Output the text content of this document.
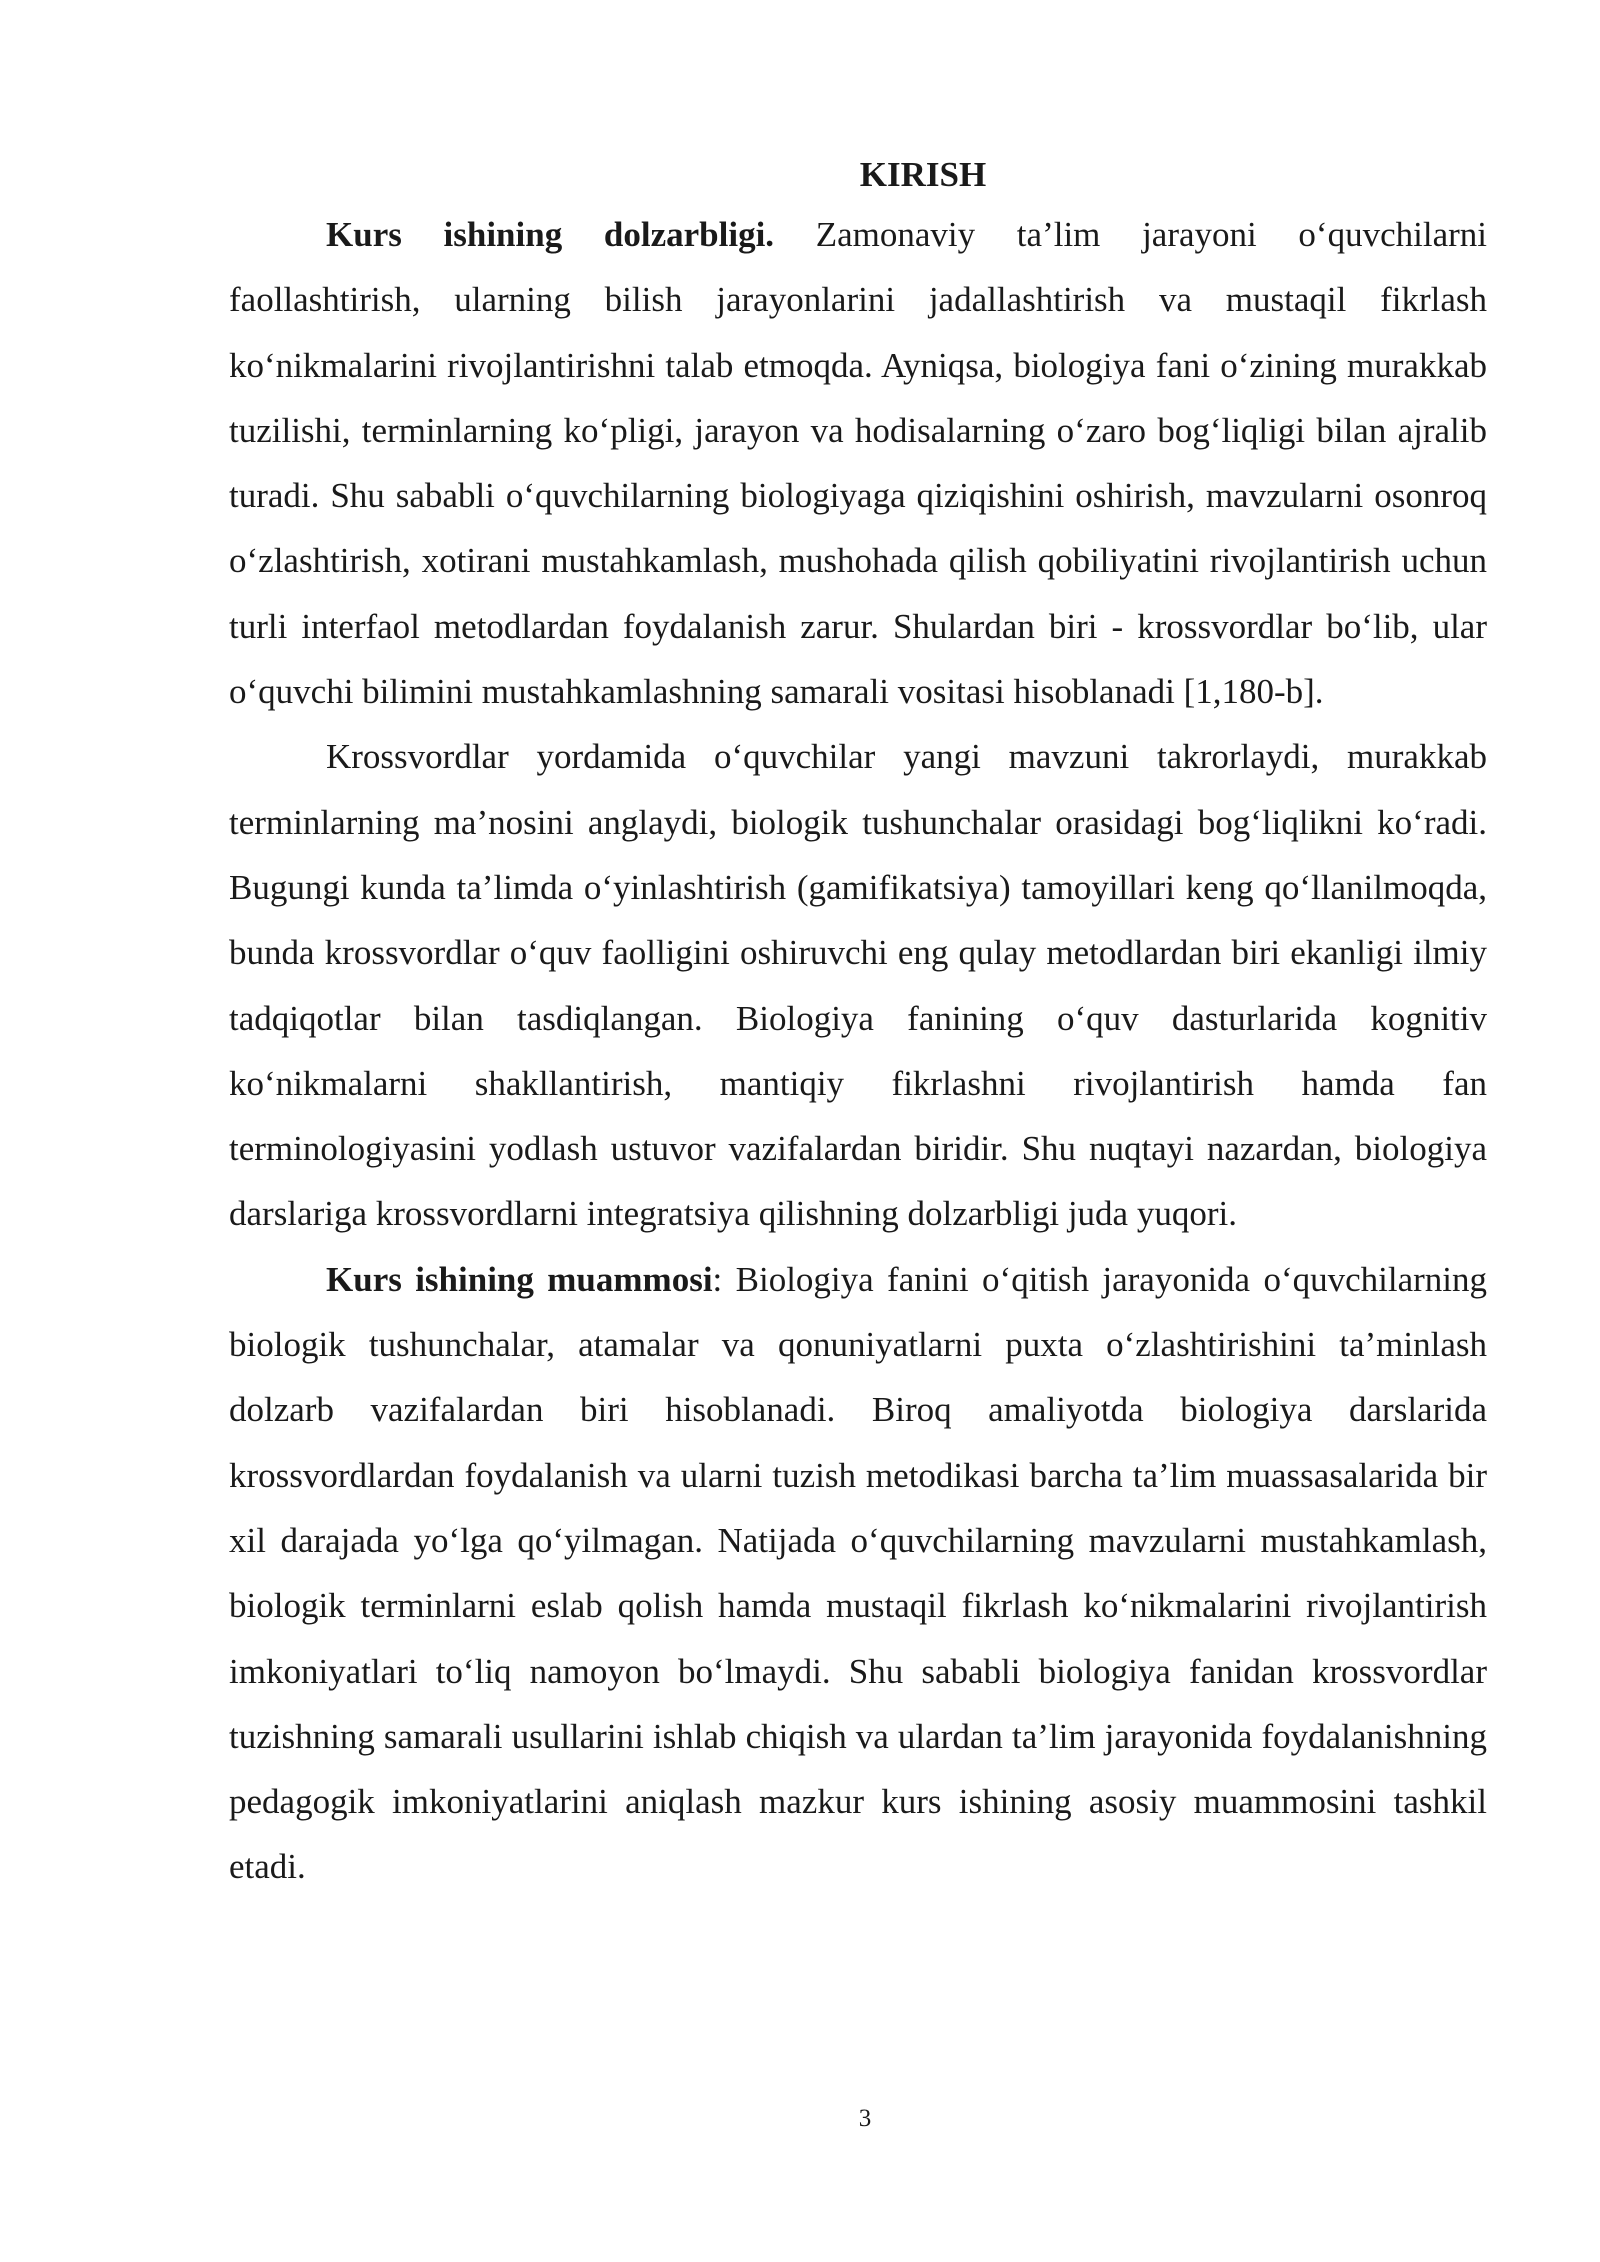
KIRISH

Kurs ishining dolzarbligi. Zamonaviy ta’lim jarayoni o‘quvchilarni faollashtirish, ularning bilish jarayonlarini jadallashtirish va mustaqil fikrlash ko‘nikmalarini rivojlantirishni talab etmoqda. Ayniqsa, biologiya fani o‘zining murakkab tuzilishi, terminlarning ko‘pligi, jarayon va hodisalarning o‘zaro bog‘liqligi bilan ajralib turadi. Shu sababli o‘quvchilarning biologiyaga qiziqishini oshirish, mavzularni osonroq o‘zlashtirish, xotirani mustahkamlash, mushohada qilish qobiliyatini rivojlantirish uchun turli interfaol metodlardan foydalanish zarur. Shulardan biri - krossvordlar bo‘lib, ular o‘quvchi bilimini mustahkamlashning samarali vositasi hisoblanadi [1,180-b].

Krossvordlar yordamida o‘quvchilar yangi mavzuni takrorlaydi, murakkab terminlarning ma’nosini anglaydi, biologik tushunchalar orasidagi bog‘liqlikni ko‘radi. Bugungi kunda ta’limda o‘yinlashtirish (gamifikatsiya) tamoyillari keng qo‘llanilmoqda, bunda krossvordlar o‘quv faolligini oshiruvchi eng qulay metodlardan biri ekanligi ilmiy tadqiqotlar bilan tasdiqlangan. Biologiya fanining o‘quv dasturlarida kognitiv ko‘nikmalarni shakllantirish, mantiqiy fikrlashni rivojlantirish hamda fan terminologiyasini yodlash ustuvor vazifalardan biridir. Shu nuqtayi nazardan, biologiya darslariga krossvordlarni integratsiya qilishning dolzarbligi juda yuqori.

Kurs ishining muammosi: Biologiya fanini o‘qitish jarayonida o‘quvchilarning biologik tushunchalar, atamalar va qonuniyatlarni puxta o‘zlashtirishini ta’minlash dolzarb vazifalardan biri hisoblanadi. Biroq amaliyotda biologiya darslarida krossvordlardan foydalanish va ularni tuzish metodikasi barcha ta’lim muassasalarida bir xil darajada yo‘lga qo‘yilmagan. Natijada o‘quvchilarning mavzularni mustahkamlash, biologik terminlarni eslab qolish hamda mustaqil fikrlash ko‘nikmalarini rivojlantirish imkoniyatlari to‘liq namoyon bo‘lmaydi. Shu sababli biologiya fanidan krossvordlar tuzishning samarali usullarini ishlab chiqish va ulardan ta’lim jarayonida foydalanishning pedagogik imkoniyatlarini aniqlash mazkur kurs ishining asosiy muammosini tashkil etadi.

3
